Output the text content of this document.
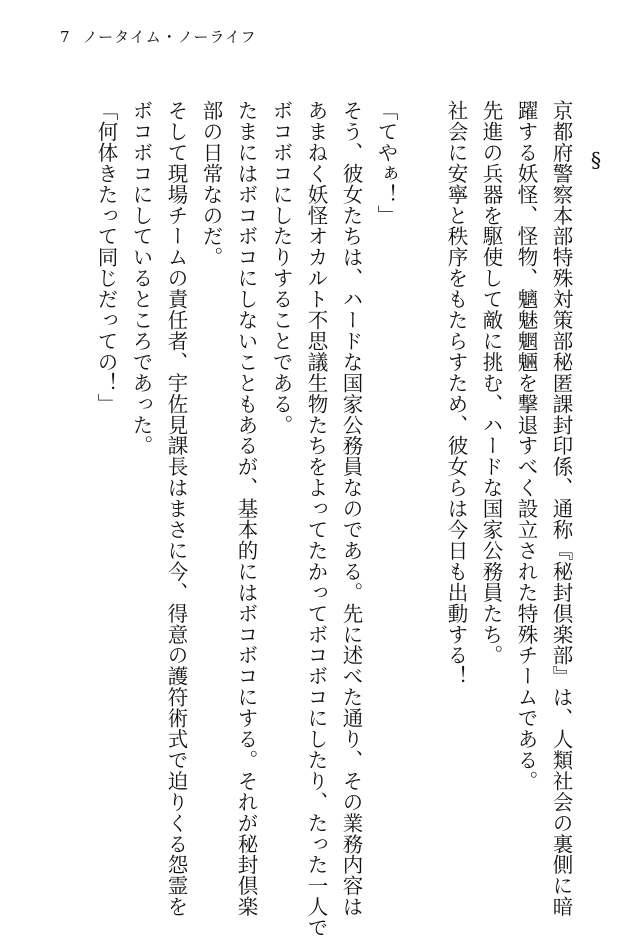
7 ノータイム・ノーライフ

§

京都府警察本部特殊対策部秘匿課封印係、通称『秘封倶楽部』は、人類社会の裏側に暗

躍する妖怪、怪物、魑魅魍魎を撃退すべく設立された特殊チームである。

先進の兵器を駆使して敵に挑む、ハードな国家公務員たち。

社会に安寧と秩序をもたらすため、彼女らは今日も出動する！

「てやぁ！」

そう、彼女たちは、ハードな国家公務員なのである。先に述べた通り、その業務内容は

あまねく妖怪オカルト不思議生物たちをよってたかってボコボコにしたり、たった一人で

ボコボコにしたりすることである。

たまにはボコボコにしないこともあるが、基本的にはボコボコにする。それが秘封倶楽

部の日常なのだ。

そして現場チームの責任者、宇佐見課長はまさに今、得意の護符術式で迫りくる怨霊を

ボコボコにしているところであった。

「何体きたって同じだっての！」
